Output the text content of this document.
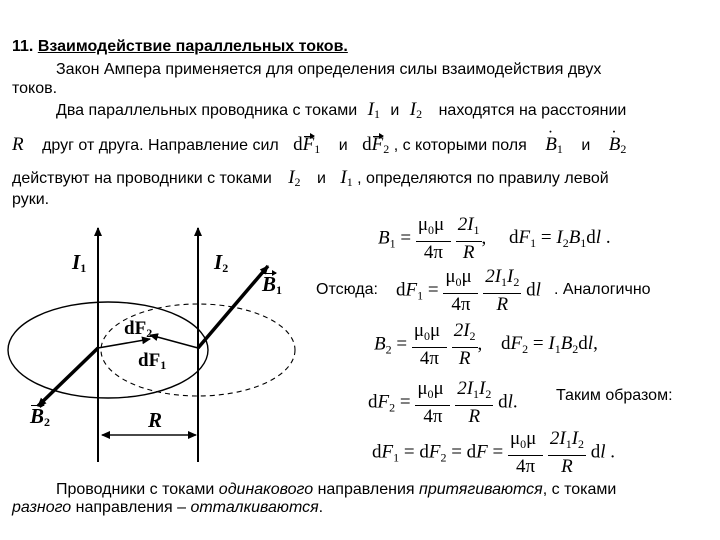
11. Взаимодействие параллельных токов.
Закон Ампера применяется для определения силы взаимодействия двух
токов.
Два параллельных проводника с токами $I_1$ и $I_2$ находятся на расстоянии
R друг от друга. Направление сил $dF_1$ и $dF_2$ , с которыми поля · $B_1$ $и \cdot B_2$
действуют на проводники с токами $I_2$ и $I_1$ , определяются по правилу левой
руки.
$I_1$	$I_2$
$B_1$
$B_2$
$dF_2$
$dF_1$
R
$B_1 = \frac{\mu_0\mu}{4\pi}$
$\frac{2I_1}{R}$ , $dF_1 = I_2B_1dl$ .
Отсюда: $dF_1 = \frac{\mu_0\mu}{4\pi}$
$\frac{2I_1I_2}{R}$ dl . Аналогично
$B_2 = \frac{\mu_0\mu}{4\pi}$
$\frac{2I_2}{R}$ , $dF_2 = I_1B_2dl$,
$dF_2 = \frac{\mu_0\mu}{4\pi}$
$\frac{2I_1I_2}{R}$ dl. Таким образом:
$dF_1 = dF_2$ = dF = $\frac{\mu_0\mu}{4\pi}$
$\frac{2I_1I_2}{R}$ dl .
Проводники с токами одинакового направления притягиваются, с токами
разного направления – отталкиваются.
